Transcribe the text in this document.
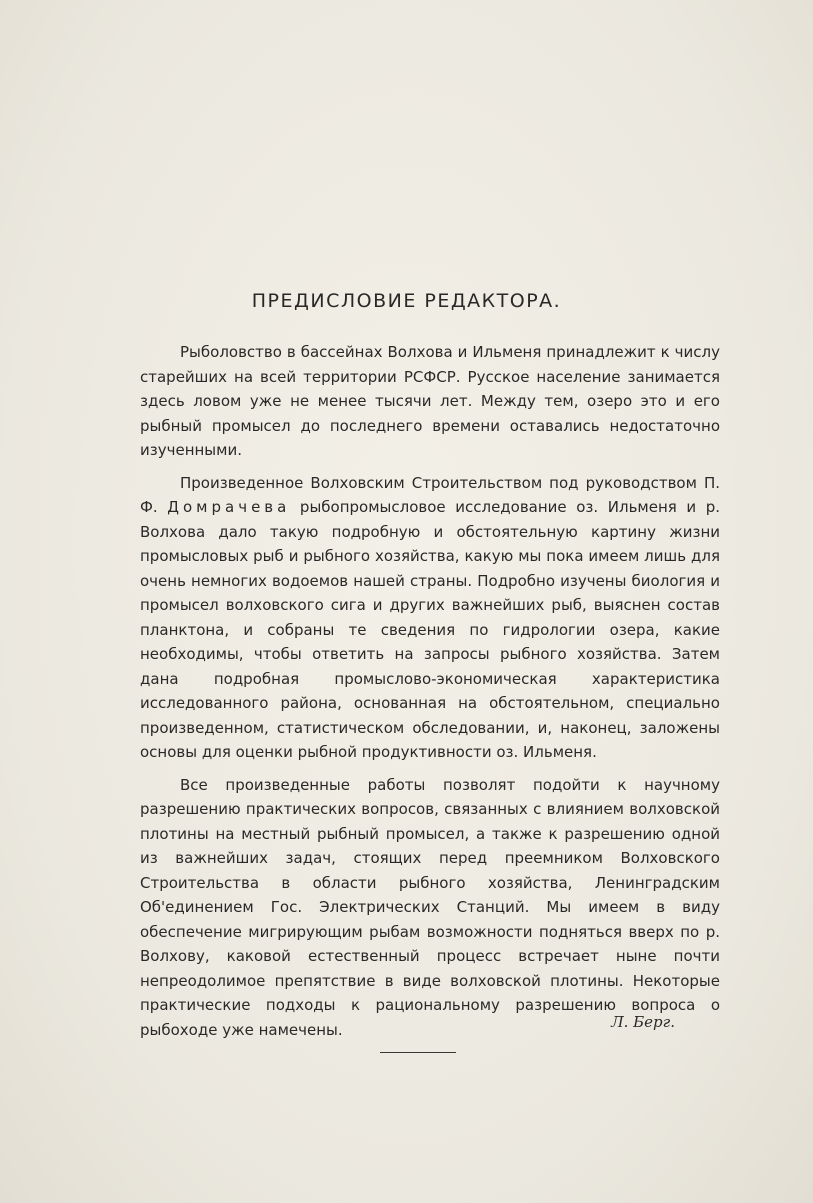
ПРЕДИСЛОВИЕ РЕДАКТОРА.

Рыболовство в бассейнах Волхова и Ильменя принадлежит к числу старейших на всей территории РСФСР. Русское население занимается здесь ловом уже не менее тысячи лет. Между тем, озеро это и его рыбный промысел до последнего времени оставались недостаточно изученными.

Произведенное Волховским Строительством под руководством П. Ф. Домрачева рыбопромысловое исследование оз. Ильменя и р. Волхова дало такую подробную и обстоятельную картину жизни промысловых рыб и рыбного хозяйства, какую мы пока имеем лишь для очень немногих водоемов нашей страны. Подробно изучены биология и промысел волховского сига и других важнейших рыб, выяснен состав планктона, и собраны те сведения по гидрологии озера, какие необходимы, чтобы ответить на запросы рыбного хозяйства. Затем дана подробная промыслово-экономическая характеристика исследованного района, основанная на обстоятельном, специально произведенном, статистическом обследовании, и, наконец, заложены основы для оценки рыбной продуктивности оз. Ильменя.

Все произведенные работы позволят подойти к научному разрешению практических вопросов, связанных с влиянием волховской плотины на местный рыбный промысел, а также к разрешению одной из важнейших задач, стоящих перед преемником Волховского Строительства в области рыбного хозяйства, Ленинградским Об'единением Гос. Электрических Станций. Мы имеем в виду обеспечение мигрирующим рыбам возможности подняться вверх по р. Волхову, каковой естественный процесс встречает ныне почти непреодолимое препятствие в виде волховской плотины. Некоторые практические подходы к рациональному разрешению вопроса о рыбоходе уже намечены.	Л. Берг.
